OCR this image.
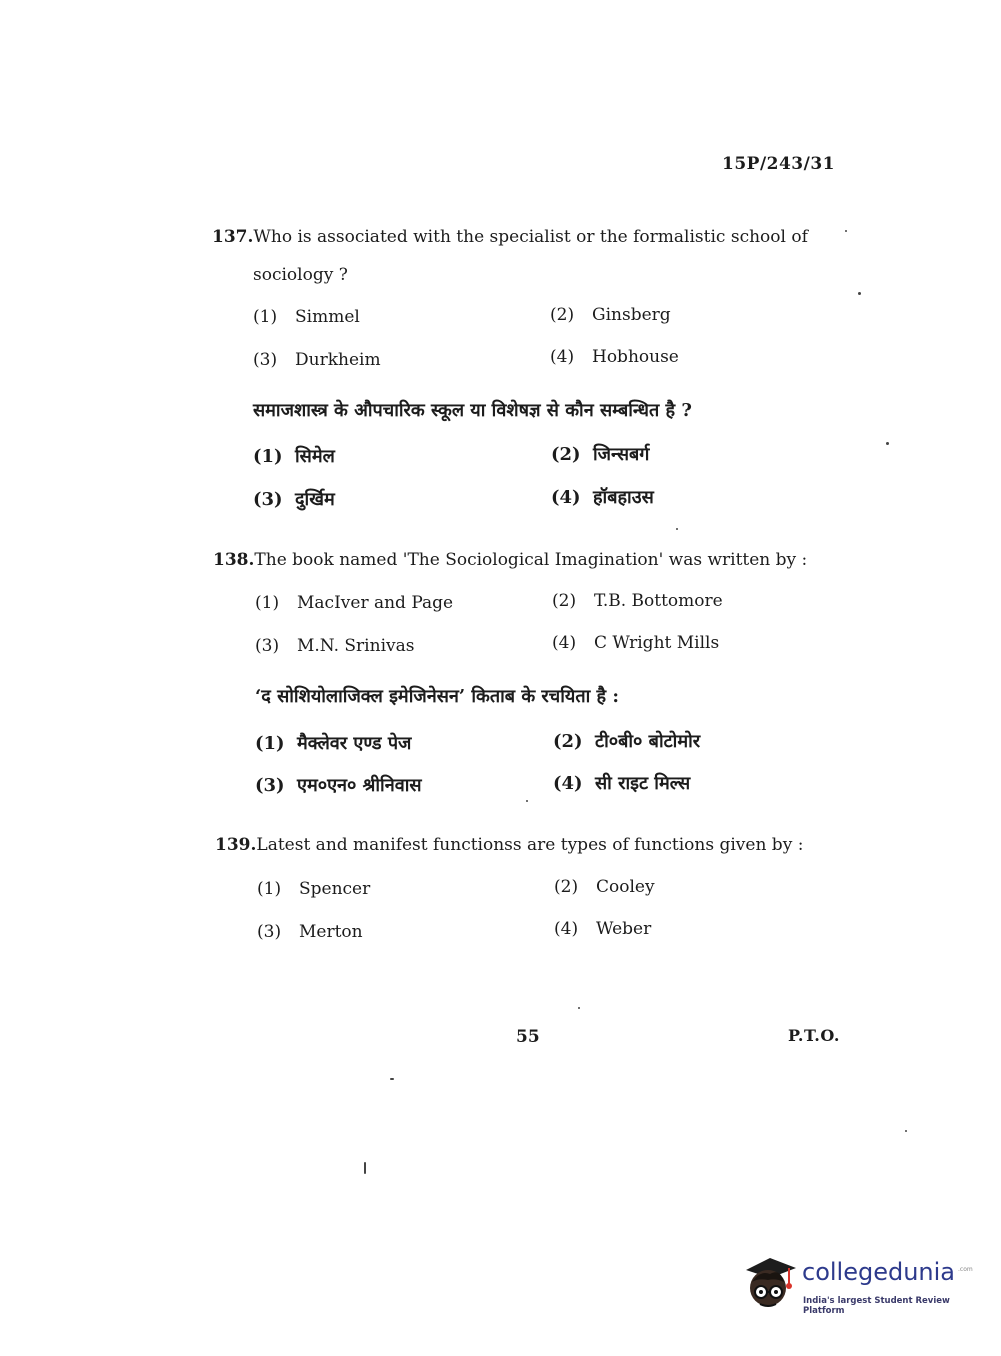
15P/243/31
137.Who is associated with the specialist or the formalistic school of
sociology ?
(1) Simmel	(2) Ginsberg
(3) Durkheim	(4) Hobhouse
समाजशास्त्र के औपचारिक स्कूल या विशेषज्ञ से कौन सम्बन्धित है ?
(1) सिमेल	(2) जिन्सबर्ग
(3) दुर्खिम	(4) हॉबहाउस
138.The book named 'The Sociological Imagination' was written by :
(1) MacIver and Page	(2) T.B. Bottomore
(3) M.N. Srinivas	(4) C Wright Mills
‘द सोशियोलाजिक्ल इमेजिनेसन’ किताब के रचयिता है :
(1) मैक्लेवर एण्ड पेज	(2) टी०बी० बोटोमोर
(3) एम०एन० श्रीनिवास	(4) सी राइट मिल्स
139.Latest and manifest functionss are types of functions given by :
(1) Spencer	(2) Cooley
(3) Merton	(4) Weber
55	P.T.O.
collegedunia .com
India's largest Student Review Platform
